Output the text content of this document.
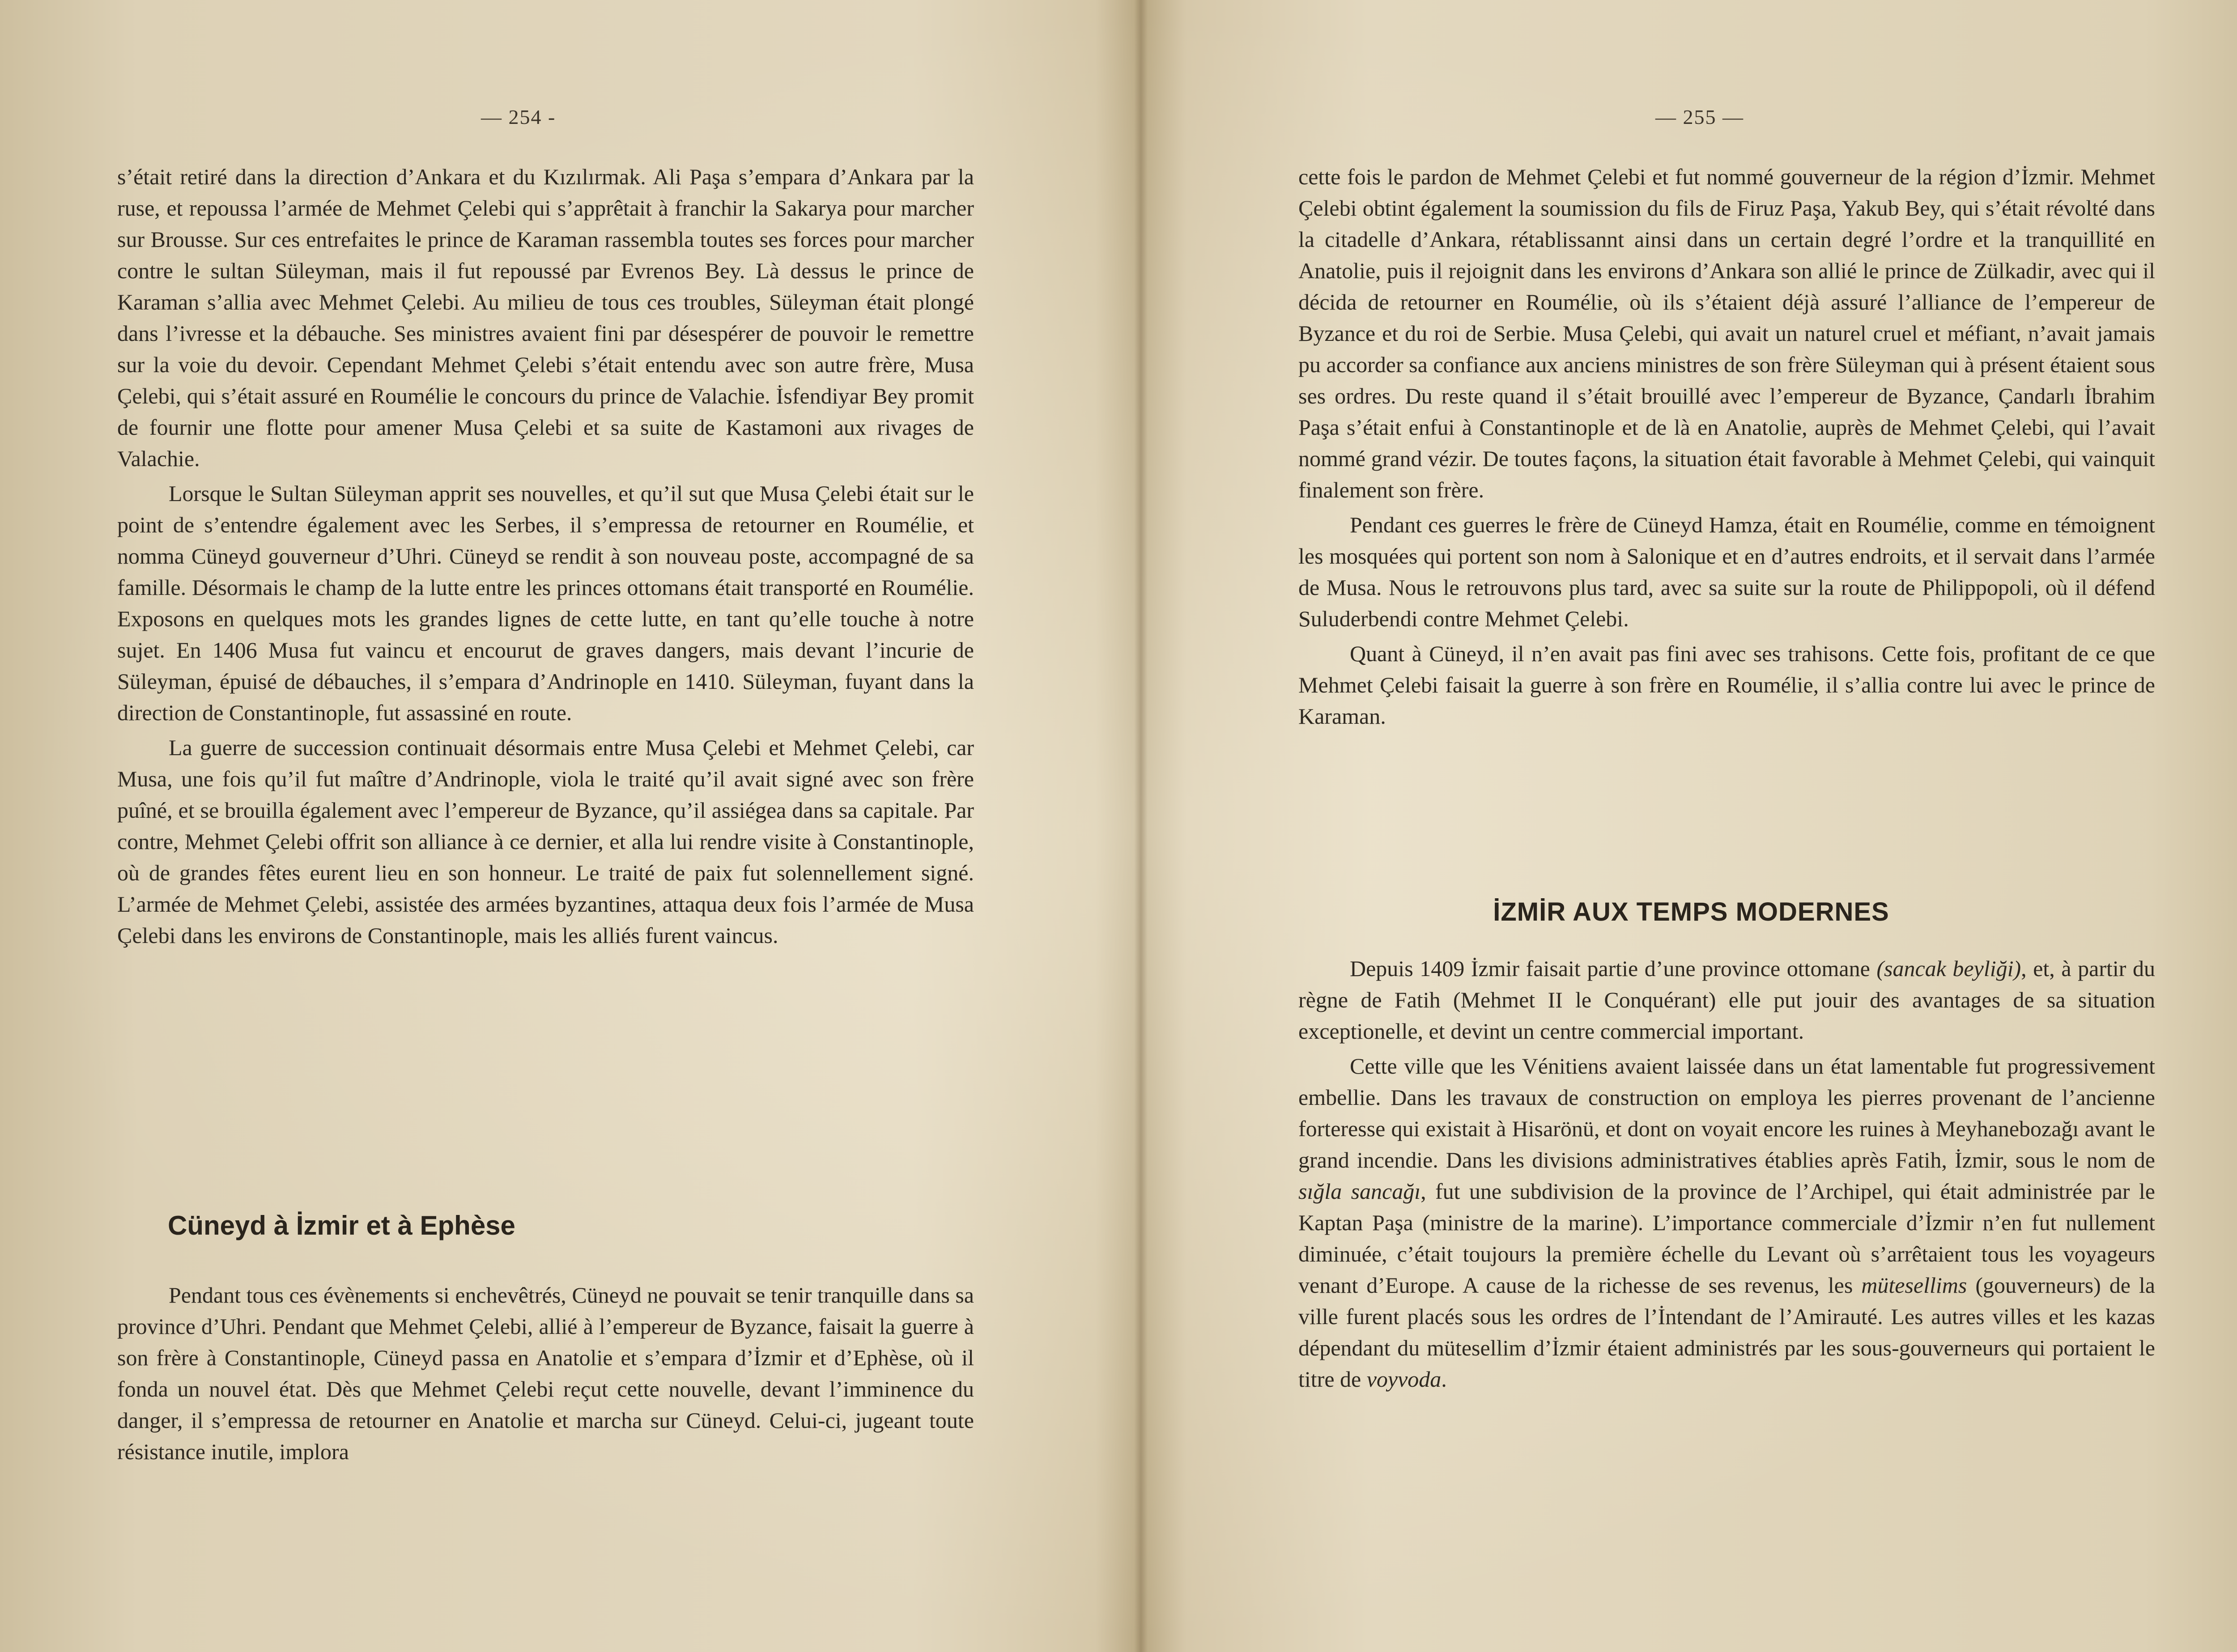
— 254 -

s’était retiré dans la direction d’Ankara et du Kızılırmak. Ali Paşa s’empara d’Ankara par la ruse, et repoussa l’armée de Mehmet Çelebi qui s’apprêtait à franchir la Sakarya pour marcher sur Brousse. Sur ces entrefaites le prince de Karaman rassembla toutes ses forces pour marcher contre le sultan Süleyman, mais il fut repoussé par Evrenos Bey. Là dessus le prince de Karaman s’allia avec Mehmet Çelebi. Au milieu de tous ces troubles, Süleyman était plongé dans l’ivresse et la débauche. Ses ministres avaient fini par désespérer de pouvoir le remettre sur la voie du devoir. Cependant Mehmet Çelebi s’était entendu avec son autre frère, Musa Çelebi, qui s’était assuré en Roumélie le concours du prince de Valachie. İsfendiyar Bey promit de fournir une flotte pour amener Musa Çelebi et sa suite de Kastamoni aux rivages de Valachie.

Lorsque le Sultan Süleyman apprit ses nouvelles, et qu’il sut que Musa Çelebi était sur le point de s’entendre également avec les Serbes, il s’empressa de retourner en Roumélie, et nomma Cüneyd gouverneur d’Uhri. Cüneyd se rendit à son nouveau poste, accompagné de sa famille. Désormais le champ de la lutte entre les princes ottomans était transporté en Roumélie. Exposons en quelques mots les grandes lignes de cette lutte, en tant qu’elle touche à notre sujet. En 1406 Musa fut vaincu et encourut de graves dangers, mais devant l’incurie de Süleyman, épuisé de débauches, il s’empara d’Andrinople en 1410. Süleyman, fuyant dans la direction de Constantinople, fut assassiné en route.

La guerre de succession continuait désormais entre Musa Çelebi et Mehmet Çelebi, car Musa, une fois qu’il fut maître d’Andrinople, viola le traité qu’il avait signé avec son frère puîné, et se brouilla également avec l’empereur de Byzance, qu’il assiégea dans sa capitale. Par contre, Mehmet Çelebi offrit son alliance à ce dernier, et alla lui rendre visite à Constantinople, où de grandes fêtes eurent lieu en son honneur. Le traité de paix fut solennellement signé. L’armée de Mehmet Çelebi, assistée des armées byzantines, attaqua deux fois l’armée de Musa Çelebi dans les environs de Constantinople, mais les alliés furent vaincus.

Cüneyd à İzmir et à Ephèse

Pendant tous ces évènements si enchevêtrés, Cüneyd ne pouvait se tenir tranquille dans sa province d’Uhri. Pendant que Mehmet Çelebi, allié à l’empereur de Byzance, faisait la guerre à son frère à Constantinople, Cüneyd passa en Anatolie et s’empara d’İzmir et d’Ephèse, où il fonda un nouvel état. Dès que Mehmet Çelebi reçut cette nouvelle, devant l’imminence du danger, il s’empressa de retourner en Anatolie et marcha sur Cüneyd. Celui-ci, jugeant toute résistance inutile, implora

— 255 —

cette fois le pardon de Mehmet Çelebi et fut nommé gouverneur de la région d’İzmir. Mehmet Çelebi obtint également la soumission du fils de Firuz Paşa, Yakub Bey, qui s’était révolté dans la citadelle d’Ankara, rétablissannt ainsi dans un certain degré l’ordre et la tranquillité en Anatolie, puis il rejoignit dans les environs d’Ankara son allié le prince de Zülkadir, avec qui il décida de retourner en Roumélie, où ils s’étaient déjà assuré l’alliance de l’empereur de Byzance et du roi de Serbie. Musa Çelebi, qui avait un naturel cruel et méfiant, n’avait jamais pu accorder sa confiance aux anciens ministres de son frère Süleyman qui à présent étaient sous ses ordres. Du reste quand il s’était brouillé avec l’empereur de Byzance, Çandarlı İbrahim Paşa s’était enfui à Constantinople et de là en Anatolie, auprès de Mehmet Çelebi, qui l’avait nommé grand vézir. De toutes façons, la situation était favorable à Mehmet Çelebi, qui vainquit finalement son frère.

Pendant ces guerres le frère de Cüneyd Hamza, était en Roumélie, comme en témoignent les mosquées qui portent son nom à Salonique et en d’autres endroits, et il servait dans l’armée de Musa. Nous le retrouvons plus tard, avec sa suite sur la route de Philippopoli, où il défend Suluderbendi contre Mehmet Çelebi.

Quant à Cüneyd, il n’en avait pas fini avec ses trahisons. Cette fois, profitant de ce que Mehmet Çelebi faisait la guerre à son frère en Roumélie, il s’allia contre lui avec le prince de Karaman.

İZMİR AUX TEMPS MODERNES

Depuis 1409 İzmir faisait partie d’une province ottomane (sancak beyliği), et, à partir du règne de Fatih (Mehmet II le Conquérant) elle put jouir des avantages de sa situation exceptionelle, et devint un centre commercial important.

Cette ville que les Vénitiens avaient laissée dans un état lamentable fut progressivement embellie. Dans les travaux de construction on employa les pierres provenant de l’ancienne forteresse qui existait à Hisarönü, et dont on voyait encore les ruines à Meyhanebozağı avant le grand incendie. Dans les divisions administratives établies après Fatih, İzmir, sous le nom de sığla sancağı, fut une subdivision de la province de l’Archipel, qui était administrée par le Kaptan Paşa (ministre de la marine). L’importance commerciale d’İzmir n’en fut nullement diminuée, c’était toujours la première échelle du Levant où s’arrêtaient tous les voyageurs venant d’Europe. A cause de la richesse de ses revenus, les mütesellims (gouverneurs) de la ville furent placés sous les ordres de l’İntendant de l’Amirauté. Les autres villes et les kazas dépendant du mütesellim d’İzmir étaient administrés par les sous-gouverneurs qui portaient le titre de voyvoda.
